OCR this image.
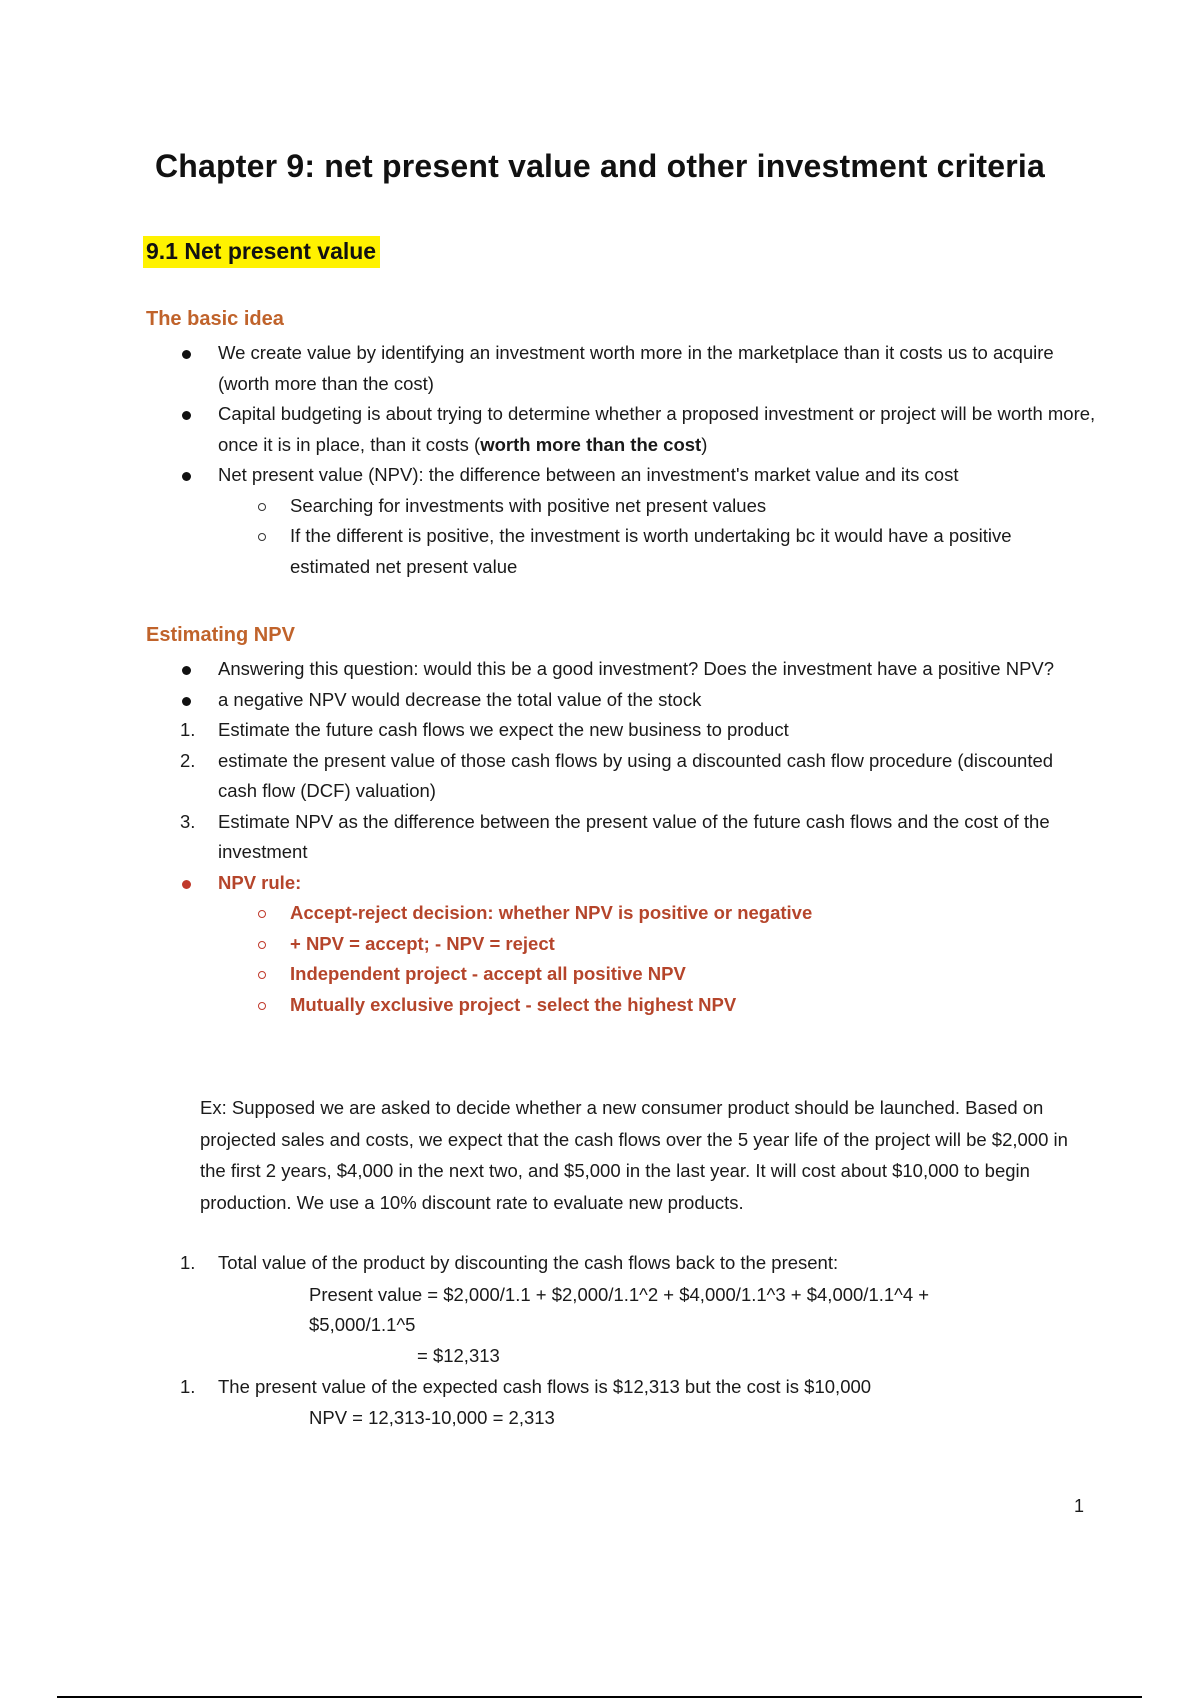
Chapter 9: net present value and other investment criteria
9.1 Net present value
The basic idea
We create value by identifying an investment worth more in the marketplace than it costs us to acquire (worth more than the cost)
Capital budgeting is about trying to determine whether a proposed investment or project will be worth more, once it is in place, than it costs (worth more than the cost)
Net present value (NPV): the difference between an investment's market value and its cost
Searching for investments with positive net present values
If the different is positive, the investment is worth undertaking bc it would have a positive estimated net present value
Estimating NPV
Answering this question: would this be a good investment? Does the investment have a positive NPV?
a negative NPV would decrease the total value of the stock
1.	Estimate the future cash flows we expect the new business to product
2.	estimate the present value of those cash flows by using a discounted cash flow procedure (discounted cash flow (DCF) valuation)
3.	Estimate NPV as the difference between the present value of the future cash flows and the cost of the investment
NPV rule:
Accept-reject decision: whether NPV is positive or negative
+ NPV = accept; - NPV = reject
Independent project - accept all positive NPV
Mutually exclusive project - select the highest NPV
Ex: Supposed we are asked to decide whether a new consumer product should be launched. Based on projected sales and costs, we expect that the cash flows over the 5 year life of the project will be $2,000 in the first 2 years, $4,000 in the next two, and $5,000 in the last year. It will cost about $10,000 to begin production. We use a 10% discount rate to evaluate new products.
1.	Total value of the product by discounting the cash flows back to the present:
Present value = $2,000/1.1 + $2,000/1.1^2 + $4,000/1.1^3 + $4,000/1.1^4 +
$5,000/1.1^5
= $12,313
1.	The present value of the expected cash flows is $12,313 but the cost is $10,000
NPV = 12,313-10,000 = 2,313
1
